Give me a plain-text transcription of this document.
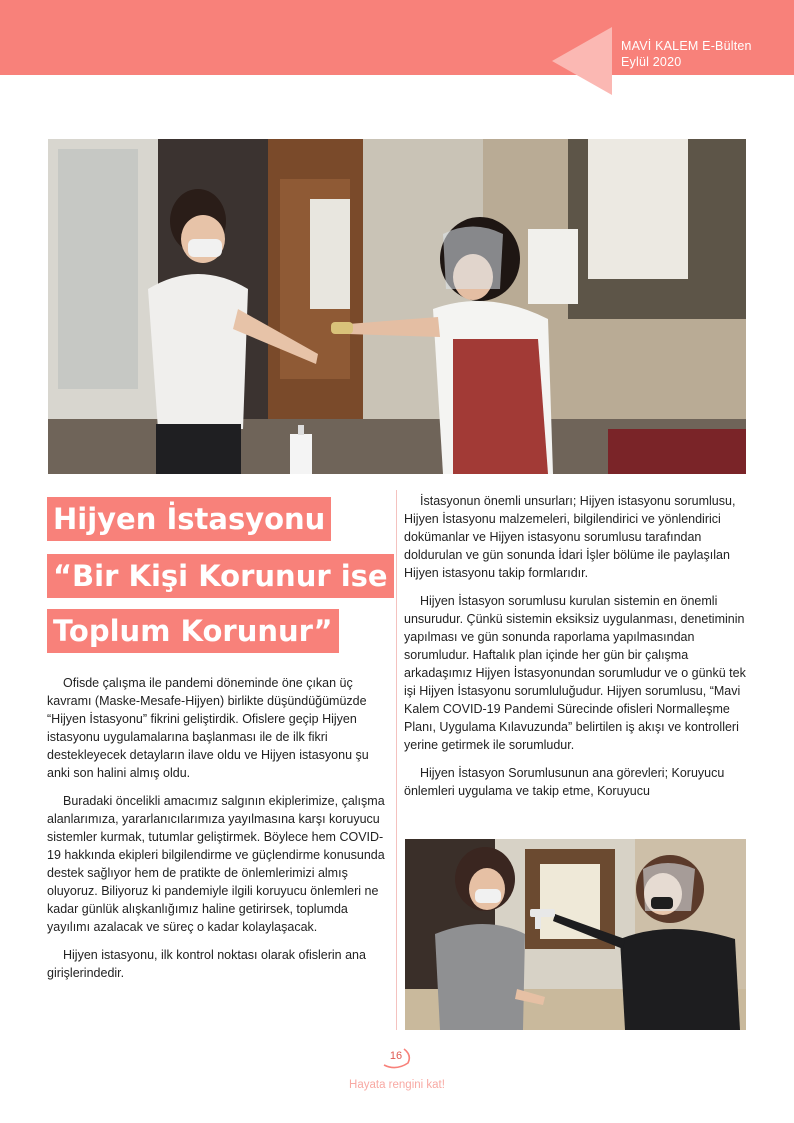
MAVİ KALEM E-Bülten
Eylül 2020
Hijyen İstasyonu
“Bir Kişi Korunur ise
Toplum Korunur”

Ofisde çalışma ile pandemi döneminde öne çıkan üç kavramı (Maske-Mesafe-Hijyen) birlikte düşündüğümüzde “Hijyen İstasyonu” fikrini geliştirdik. Ofislere geçip Hijyen istasyonu uygulamalarına başlanması ile de ilk fikri destekleyecek detayların ilave oldu ve Hijyen istasyonu şu anki son halini almış oldu.

Buradaki öncelikli amacımız salgının ekiplerimize, çalışma alanlarımıza, yararlanıcılarımıza yayılmasına karşı koruyucu sistemler kurmak, tutumlar geliştirmek. Böylece hem COVID-19 hakkında ekipleri bilgilendirme ve güçlendirme konusunda destek sağlıyor hem de pratikte de önlemlerimizi almış oluyoruz. Biliyoruz ki pandemiyle ilgili koruyucu önlemleri ne kadar günlük alışkanlığımız haline getirirsek, toplumda yayılımı azalacak ve süreç o kadar kolaylaşacak.

Hijyen istasyonu, ilk kontrol noktası olarak ofislerin ana girişlerindedir.

İstasyonun önemli unsurları; Hijyen istasyonu sorumlusu, Hijyen İstasyonu malzemeleri, bilgilendirici ve yönlendirici dokümanlar ve Hijyen istasyonu sorumlusu tarafından doldurulan ve gün sonunda İdari İşler bölüme ile paylaşılan Hijyen istasyonu takip formlarıdır.

Hijyen İstasyon sorumlusu kurulan sistemin en önemli unsurudur. Çünkü sistemin eksiksiz uygulanması, denetiminin yapılması ve gün sonunda raporlama yapılmasından sorumludur. Haftalık plan içinde her gün bir çalışma arkadaşımız Hijyen İstasyonundan sorumludur ve o günkü tek işi Hijyen İstasyonu sorumluluğudur. Hijyen sorumlusu, “Mavi Kalem COVID-19 Pandemi Sürecinde ofisleri Normalleşme Planı, Uygulama Kılavuzunda” belirtilen iş akışı ve kontrolleri yerine getirmek ile sorumludur.

Hijyen İstasyon Sorumlusunun ana görevleri; Koruyucu önlemleri uygulama ve takip etme, Koruyucu

16
Hayata rengini kat!
